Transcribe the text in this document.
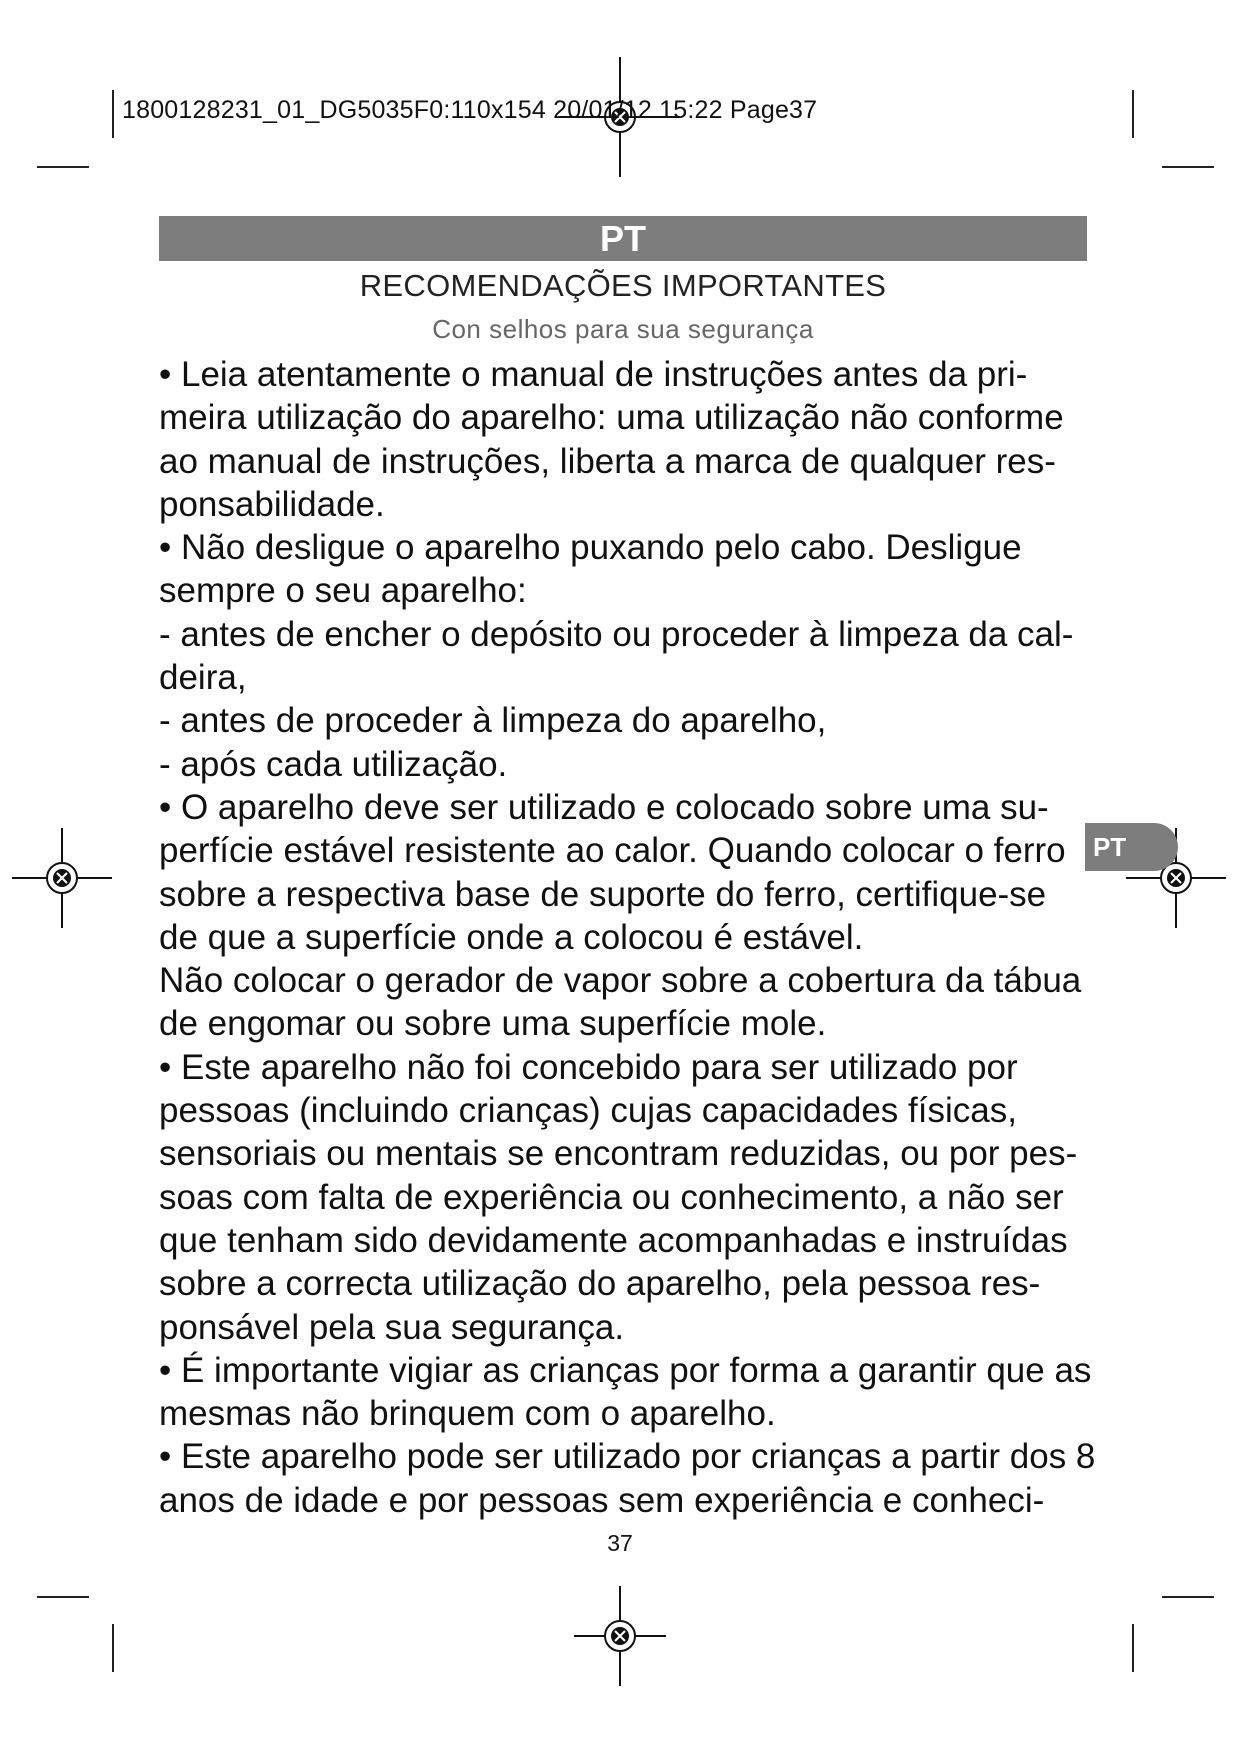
1800128231_01_DG5035F0:110x154 20/01/12 15:22 Page37
PT
RECOMENDAÇÕES IMPORTANTES
Con selhos para sua segurança

• Leia atentamente o manual de instruções antes da pri-

meira utilização do aparelho: uma utilização não conforme

ao manual de instruções, liberta a marca de qualquer res-

ponsabilidade.

• Não desligue o aparelho puxando pelo cabo. Desligue

sempre o seu aparelho:

- antes de encher o depósito ou proceder à limpeza da cal-

deira,

- antes de proceder à limpeza do aparelho,

- após cada utilização.

• O aparelho deve ser utilizado e colocado sobre uma su-

perfície estável resistente ao calor. Quando colocar o ferro

sobre a respectiva base de suporte do ferro, certifique-se

de que a superfície onde a colocou é estável.

Não colocar o gerador de vapor sobre a cobertura da tábua

de engomar ou sobre uma superfície mole.

• Este aparelho não foi concebido para ser utilizado por

pessoas (incluindo crianças) cujas capacidades físicas,

sensoriais ou mentais se encontram reduzidas, ou por pes-

soas com falta de experiência ou conhecimento, a não ser

que tenham sido devidamente acompanhadas e instruídas

sobre a correcta utilização do aparelho, pela pessoa res-

ponsável pela sua segurança.

• É importante vigiar as crianças por forma a garantir que as

mesmas não brinquem com o aparelho.

• Este aparelho pode ser utilizado por crianças a partir dos 8

anos de idade e por pessoas sem experiência e conheci-

PT
37
